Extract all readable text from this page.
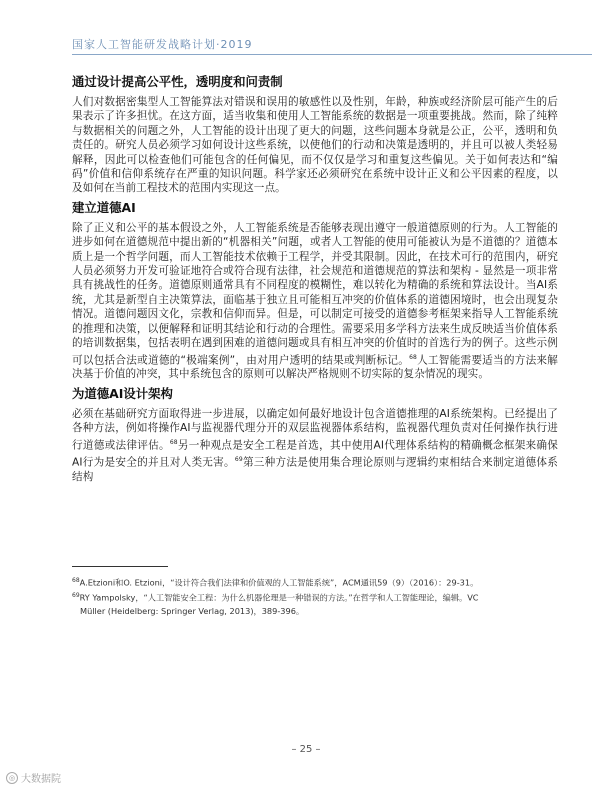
国家人工智能研发战略计划·2019
通过设计提高公平性，透明度和问责制

人们对数据密集型人工智能算法对错误和误用的敏感性以及性别，年龄，种族或经济阶层可能产生的后果表示了许多担忧。在这方面，适当收集和使用人工智能系统的数据是一项重要挑战。然而，除了纯粹与数据相关的问题之外，人工智能的设计出现了更大的问题，这些问题本身就是公正，公平，透明和负责任的。研究人员必须学习如何设计这些系统，以使他们的行动和决策是透明的，并且可以被人类轻易解释，因此可以检查他们可能包含的任何偏见，而不仅仅是学习和重复这些偏见。关于如何表达和“编码”价值和信仰系统存在严重的知识问题。科学家还必须研究在系统中设计正义和公平因素的程度，以及如何在当前工程技术的范围内实现这一点。

建立道德AI

除了正义和公平的基本假设之外，人工智能系统是否能够表现出遵守一般道德原则的行为。人工智能的进步如何在道德规范中提出新的“机器相关”问题，或者人工智能的使用可能被认为是不道德的？道德本质上是一个哲学问题，而人工智能技术依赖于工程学，并受其限制。因此，在技术可行的范围内，研究人员必须努力开发可验证地符合或符合现有法律，社会规范和道德规范的算法和架构 - 显然是一项非常具有挑战性的任务。道德原则通常具有不同程度的模糊性，难以转化为精确的系统和算法设计。当AI系统，尤其是新型自主决策算法，面临基于独立且可能相互冲突的价值体系的道德困境时，也会出现复杂情况。道德问题因文化，宗教和信仰而异。但是，可以制定可接受的道德参考框架来指导人工智能系统的推理和决策，以便解释和证明其结论和行动的合理性。需要采用多学科方法来生成反映适当价值体系的培训数据集，包括表明在遇到困难的道德问题或具有相互冲突的价值时的首选行为的例子。这些示例可以包括合法或道德的“极端案例”，由对用户透明的结果或判断标记。$^{68}$人工智能需要适当的方法来解决基于价值的冲突，其中系统包含的原则可以解决严格规则不切实际的复杂情况的现实。

为道德AI设计架构

必须在基础研究方面取得进一步进展，以确定如何最好地设计包含道德推理的AI系统架构。已经提出了各种方法，例如将操作AI与监视器代理分开的双层监视器体系结构，监视器代理负责对任何操作执行进行道德或法律评估。$^{68}$另一种观点是安全工程是首选，其中使用AI代理体系结构的精确概念框架来确保AI行为是安全的并且对人类无害。$^{69}$第三种方法是使用集合理论原则与逻辑约束相结合来制定道德体系结构

$^{68}$A.Etzioni和O. Etzioni，“设计符合我们法律和价值观的人工智能系统”，ACM通讯59（9）（2016）：29-31。

$^{69}$RY Yampolsky，“人工智能安全工程：为什么机器伦理是一种错误的方法。”在哲学和人工智能理论，编辑。VC

Müller (Heidelberg: Springer Verlag, 2013)，389-396。

– 25 –
◎ 大数据院
